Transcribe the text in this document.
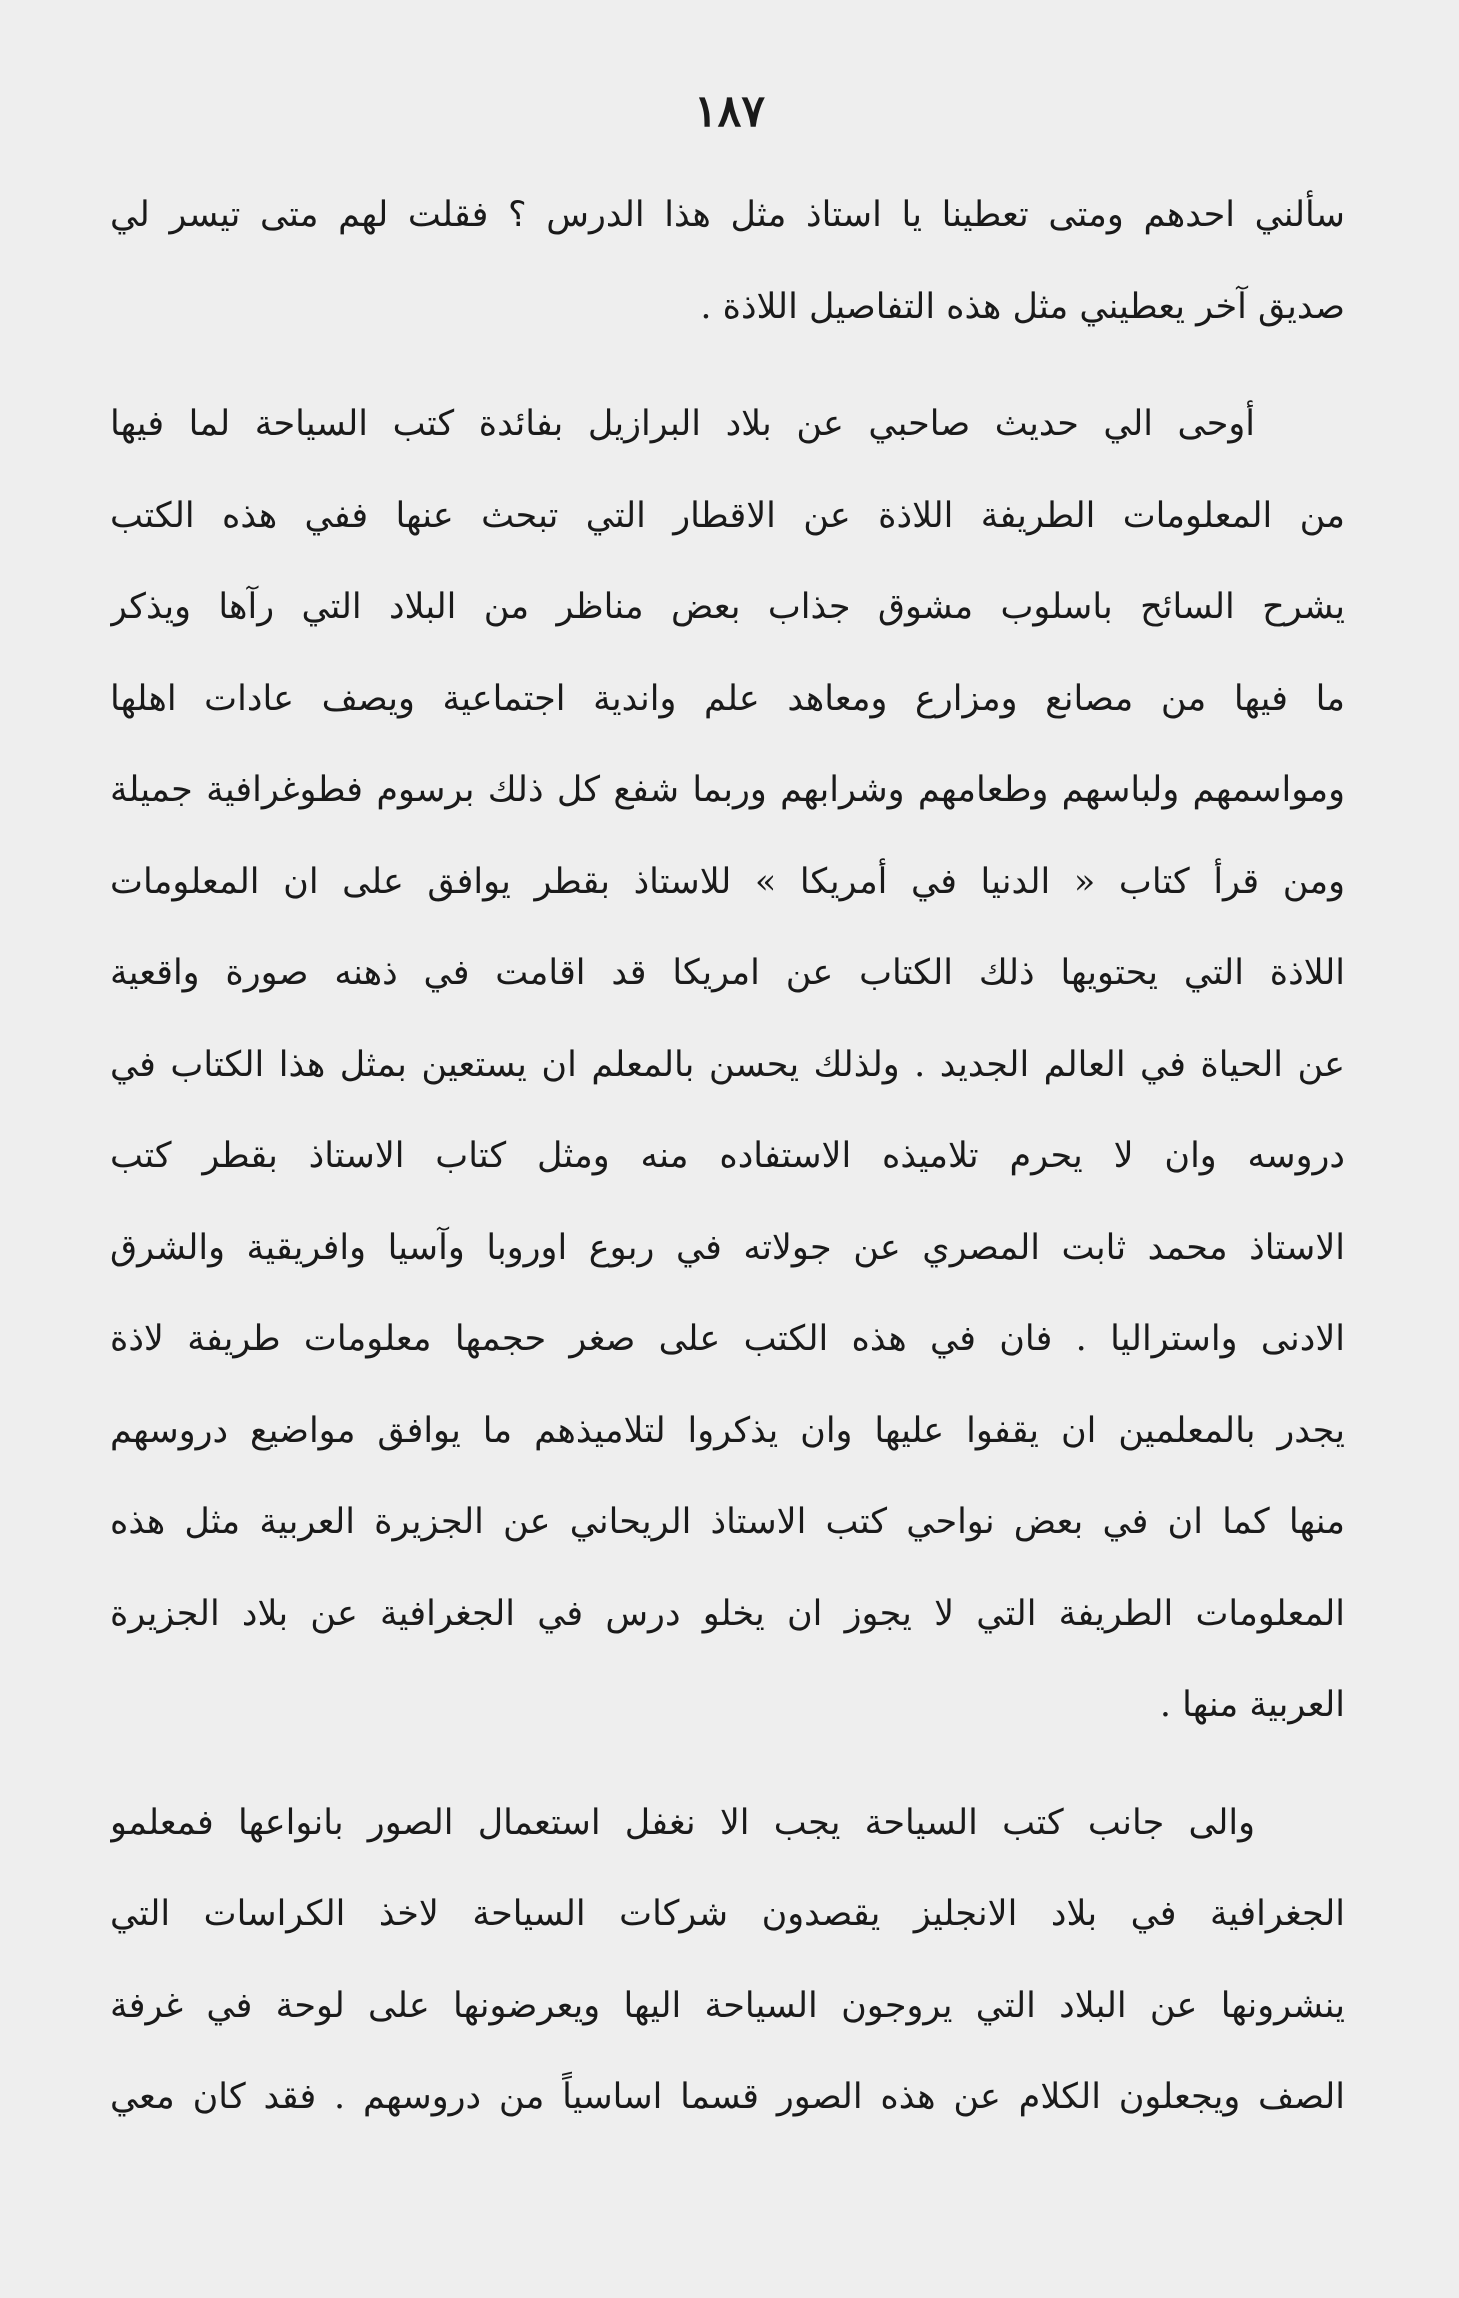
١٨٧
سألني احدهم ومتى تعطينا يا استاذ مثل هذا الدرس ؟ فقلت لهم متى تيسر لي
صديق آخر يعطيني مثل هذه التفاصيل اللاذة .
أوحى الي حديث صاحبي عن بلاد البرازيل بفائدة كتب السياحة لما فيها
من المعلومات الطريفة اللاذة عن الاقطار التي تبحث عنها ففي هذه الكتب
يشرح السائح باسلوب مشوق جذاب بعض مناظر من البلاد التي رآها ويذكر
ما فيها من مصانع ومزارع ومعاهد علم واندية اجتماعية ويصف عادات اهلها
ومواسمهم ولباسهم وطعامهم وشرابهم وربما شفع كل ذلك برسوم فطوغرافية جميلة
ومن قرأ كتاب « الدنيا في أمريكا » للاستاذ بقطر يوافق على ان المعلومات
اللاذة التي يحتويها ذلك الكتاب عن امريكا قد اقامت في ذهنه صورة واقعية
عن الحياة في العالم الجديد . ولذلك يحسن بالمعلم ان يستعين بمثل هذا الكتاب في
دروسه وان لا يحرم تلاميذه الاستفاده منه ومثل كتاب الاستاذ بقطر كتب
الاستاذ محمد ثابت المصري عن جولاته في ربوع اوروبا وآسيا وافريقية والشرق
الادنى واستراليا . فان في هذه الكتب على صغر حجمها معلومات طريفة لاذة
يجدر بالمعلمين ان يقفوا عليها وان يذكروا لتلاميذهم ما يوافق مواضيع دروسهم
منها كما ان في بعض نواحي كتب الاستاذ الريحاني عن الجزيرة العربية مثل هذه
المعلومات الطريفة التي لا يجوز ان يخلو درس في الجغرافية عن بلاد الجزيرة
العربية منها .
والى جانب كتب السياحة يجب الا نغفل استعمال الصور بانواعها فمعلمو
الجغرافية في بلاد الانجليز يقصدون شركات السياحة لاخذ الكراسات التي
ينشرونها عن البلاد التي يروجون السياحة اليها ويعرضونها على لوحة في غرفة
الصف ويجعلون الكلام عن هذه الصور قسما اساسياً من دروسهم . فقد كان معي
